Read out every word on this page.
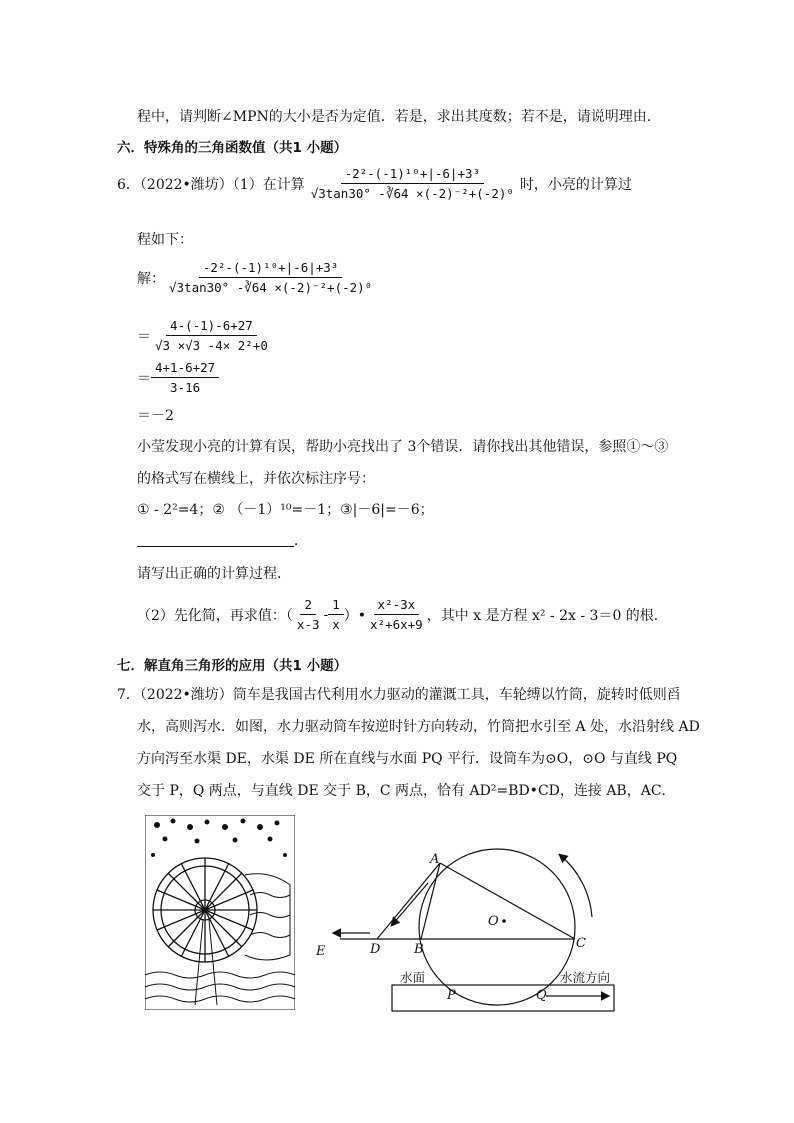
程中，请判断∠MPN的大小是否为定值．若是，求出其度数；若不是，请说明理由．
六．特殊角的三角函数值（共1 小题）
6．（2022•潍坊）（1）在计算 $\frac{\text{-2²-(-1)¹⁰+|-6|+3³}}{\text{√3tan30° -∛64 ×(-2)⁻²+(-2)⁰}}$ 时，小亮的计算过
程如下：
解： $\frac{\text{-2²-(-1)¹⁰+|-6|+3³}}{\text{√3tan30° -∛64 ×(-2)⁻²+(-2)⁰}}$
＝ $\frac{4-(-1)-6+27}{\text{√3 ×√3 -4× 2²+0}}$
＝ $\frac{4+1-6+27}{3-16}$
＝－2
小莹发现小亮的计算有误，帮助小亮找出了 3个错误．请你找出其他错误，参照①～③
的格式写在横线上，并依次标注序号：
① - 2²=4；② （－1）¹⁰=－1；③|－6|=－6；
．
请写出正确的计算过程．
（2）先化简，再求值：（ $\frac{2}{x-3} - \frac{1}{x}$ ）• $\frac{\text{x²-3x}}{\text{x²+6x+9}}$ ，其中 x 是方程 x² - 2x - 3＝0 的根．
七．解直角三角形的应用（共1 小题）
7．（2022•潍坊）筒车是我国古代利用水力驱动的灌溉工具，车轮缚以竹筒，旋转时低则舀
水，高则泻水．如图，水力驱动筒车按逆时针方向转动，竹筒把水引至 A 处，水沿射线 AD
方向泻至水渠 DE，水渠 DE 所在直线与水面 PQ 平行．设筒车为⊙O，⊙O 与直线 PQ
交于 P，Q 两点，与直线 DE 交于 B，C 两点，恰有 AD²=BD•CD，连接 AB，AC．
A
O
B	C
D
E
P	Q
水面	水流方向
